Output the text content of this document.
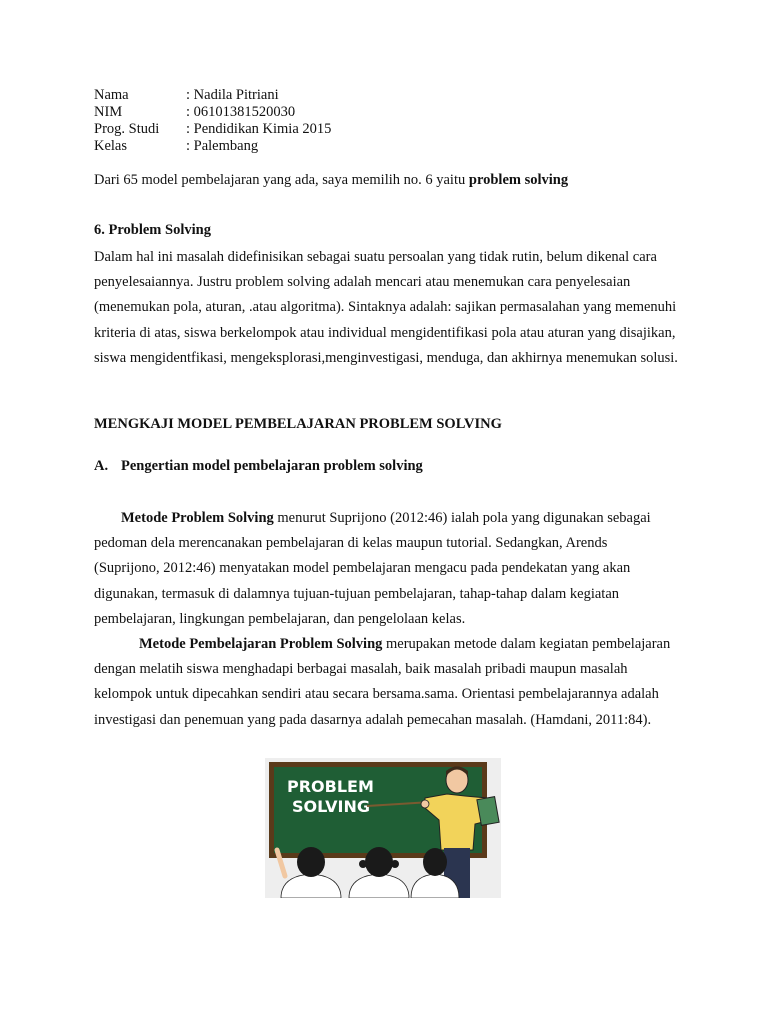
Nama	: Nadila Pitriani
NIM	: 06101381520030
Prog. Studi	: Pendidikan Kimia 2015
Kelas	: Palembang
Dari 65 model pembelajaran yang ada, saya memilih no. 6 yaitu problem solving
6. Problem Solving
Dalam hal ini masalah didefinisikan sebagai suatu persoalan yang tidak rutin, belum dikenal cara penyelesaiannya. Justru problem solving adalah mencari atau menemukan cara penyelesaian (menemukan pola, aturan, .atau algoritma). Sintaknya adalah: sajikan permasalahan yang memenuhi kriteria di atas, siswa berkelompok atau individual mengidentifikasi pola atau aturan yang disajikan, siswa mengidentfikasi, mengeksplorasi,menginvestigasi, menduga, dan akhirnya menemukan solusi.
MENGKAJI MODEL PEMBELAJARAN PROBLEM SOLVING
A. Pengertian model pembelajaran problem solving
Metode Problem Solving menurut Suprijono (2012:46) ialah pola yang digunakan sebagai pedoman dela merencanakan pembelajaran di kelas maupun tutorial. Sedangkan, Arends (Suprijono, 2012:46) menyatakan model pembelajaran mengacu pada pendekatan yang akan digunakan, termasuk di dalamnya tujuan-tujuan pembelajaran, tahap-tahap dalam kegiatan pembelajaran, lingkungan pembelajaran, dan pengelolaan kelas.
Metode Pembelajaran Problem Solving merupakan metode dalam kegiatan pembelajaran dengan melatih siswa menghadapi berbagai masalah, baik masalah pribadi maupun masalah kelompok untuk dipecahkan sendiri atau secara bersama.sama. Orientasi pembelajarannya adalah investigasi dan penemuan yang pada dasarnya adalah pemecahan masalah. (Hamdani, 2011:84).
PROBLEM
SOLVING
